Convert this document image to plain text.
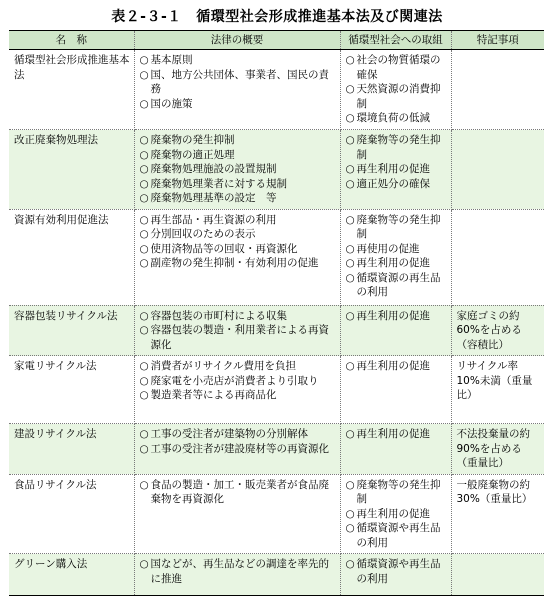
表２-３-１　循環型社会形成推進基本法及び関連法
名　称	法律の概要	循環型社会への取組	特記事項
循環型社会形成推進基本法	○ 基本原則
○ 国、地方公共団体、事業者、国民の責務
○ 国の施策	○ 社会の物質循環の確保
○ 天然資源の消費抑制
○ 環境負荷の低減

改正廃棄物処理法	○ 廃棄物の発生抑制
○ 廃棄物の適正処理
○ 廃棄物処理施設の設置規制
○ 廃棄物処理業者に対する規制
○ 廃棄物処理基準の設定　等	○ 廃棄物等の発生抑制
○ 再生利用の促進
○ 適正処分の確保

資源有効利用促進法	○ 再生部品・再生資源の利用
○ 分別回収のための表示
○ 使用済物品等の回収・再資源化
○ 副産物の発生抑制・有効利用の促進	○ 廃棄物等の発生抑制
○ 再使用の促進
○ 再生利用の促進
○ 循環資源の再生品の利用

容器包装リサイクル法	○ 容器包装の市町村による収集
○ 容器包装の製造・利用業者による再資源化	○ 再生利用の促進	家庭ゴミの約60%を占める（容積比）

家電リサイクル法	○ 消費者がリサイクル費用を負担
○ 廃家電を小売店が消費者より引取り
○ 製造業者等による再商品化	○ 再生利用の促進	リサイクル率10%未満（重量比）

建設リサイクル法	○ 工事の受注者が建築物の分別解体
○ 工事の受注者が建設廃材等の再資源化	○ 再生利用の促進	不法投棄量の約90%を占める（重量比）

食品リサイクル法	○ 食品の製造・加工・販売業者が食品廃棄物を再資源化	○ 廃棄物等の発生抑制
○ 再生利用の促進
○ 循環資源や再生品の利用	一般廃棄物の約30%（重量比）

グリーン購入法	○ 国などが、再生品などの調達を率先的に推進	○ 循環資源や再生品の利用
